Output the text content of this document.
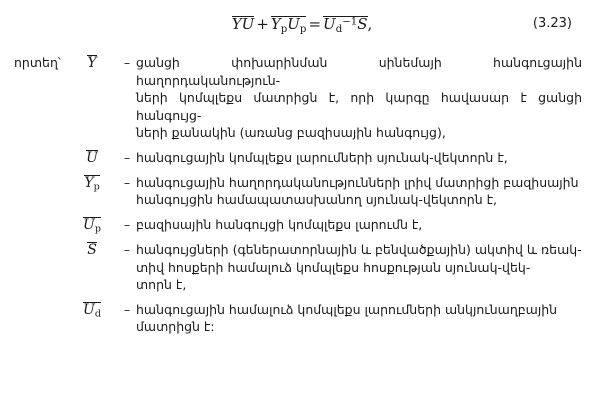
YU + $Y_рU_р = U_d^{-1}S$,	(3.23)
որտեղ՝	Y	– ցանցի փոխարինման սինեմայի հանգուցային հաղորդականություն-
ների կոմպլեքս մատրիցն է, որի կարգը հավասար է ցանցի հանգույց-
ների քանակին (առանց բազիսային հանգույց),
U	– հանգուցային կոմպլեքս լարումների սյունակ-վեկտորն է,
$Y_р$	– հանգուցային հաղորդականությունների լրիվ մատրիցի բազիսային
հանգույցին համապատասխանող սյունակ-վեկտորն է,
$U_р$	– բազիսային հանգույցի կոմպլեքս լարումն է,
S	– հանգույցների (գեներատորնային և բենվածքային) ակտիվ և ռեակ-
տիվ հոսքերի համալուձ կոմպլեքս հոսքության սյունակ-վեկ-
տորն է,
$U_d$	– հանգուցային համալուձ կոմպլեքս լարումների անկյունաղբային
մատրիցն է:
